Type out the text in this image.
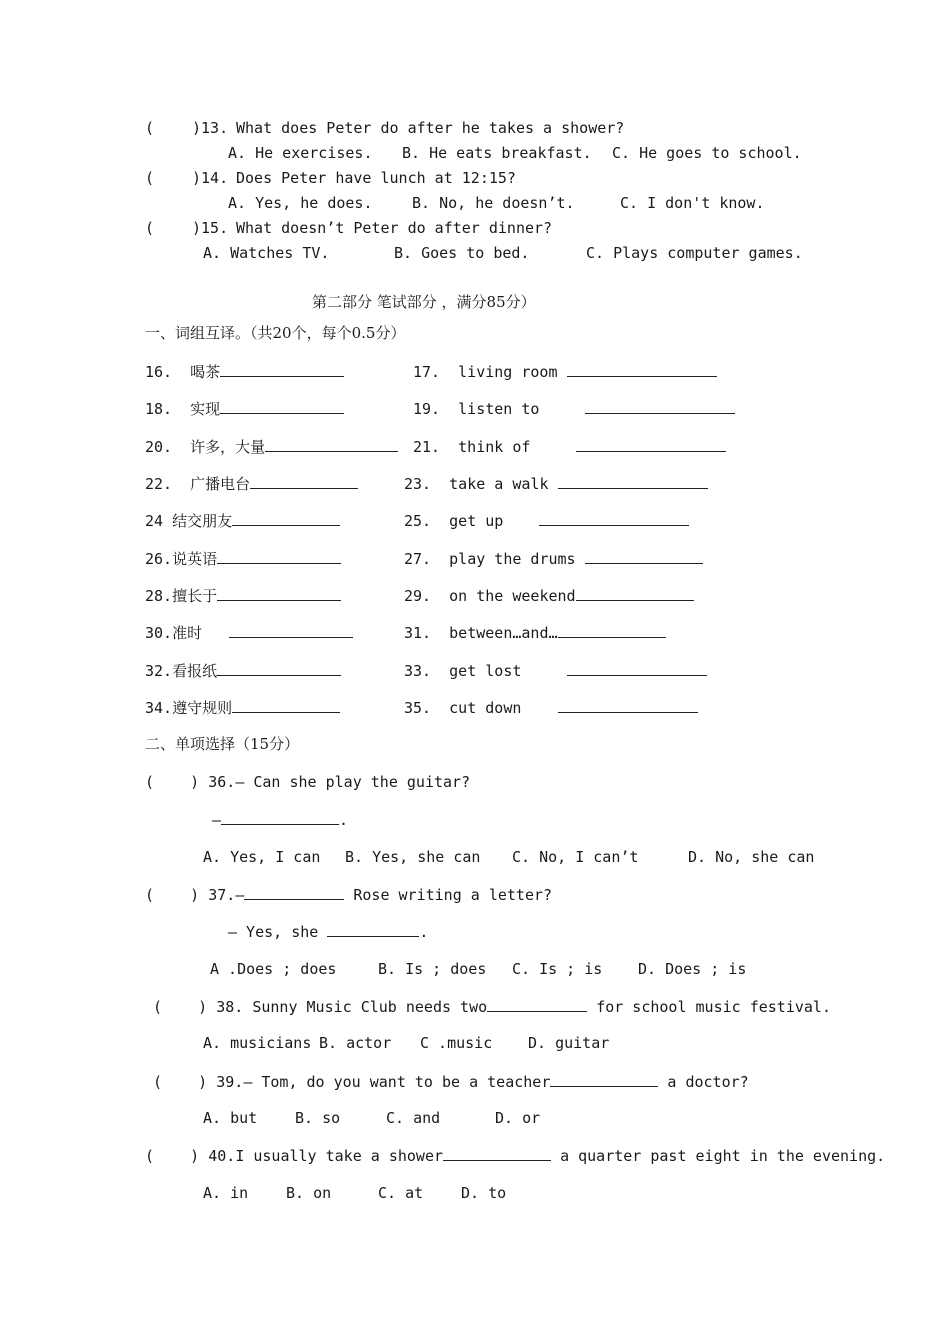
(	)13. What does Peter do after he takes a shower?
A. He exercises. B. He eats breakfast. C. He goes to school.
(	)14. Does Peter have lunch at 12:15?
A. Yes, he does.	B. No, he doesn’t.	C. I don't know.
(	)15. What doesn’t Peter do after dinner?
A. Watches TV.	B. Goes to bed.	C. Plays computer games.
第二部分 笔试部分 ，满分85分）
一、词组互译。（共20个，每个0.5分）
16.  喝茶	17.  living room
18.  实现	19.  listen to
20.  许多，大量	21.  think of
22.  广播电台	23.  take a walk
24 结交朋友	25.  get up
26.说英语	27.  play the drums
28.擅长于	29.  on the weekend
30.准时	31.  between…and…
32.看报纸	33.  get lost
34.遵守规则	35.  cut down
二、单项选择（15分）
(    ) 36.— Can she play the guitar?
—	.
A. Yes, I can B. Yes, she can C. No, I can’t	D. No, she can
(    ) 37.—	Rose writing a letter?
— Yes, she	.
A .Does ; does	B. Is ; does C. Is ; is D. Does ; is
(    ) 38. Sunny Music Club needs two	for school music festival.
A. musicians B. actor C .music D. guitar
(    ) 39.— Tom, do you want to be a teacher	a doctor?
A. but	B. so	C. and	D. or
(    ) 40.I usually take a shower	a quarter past eight in the evening.
A. in	B. on	C. at	D. to
